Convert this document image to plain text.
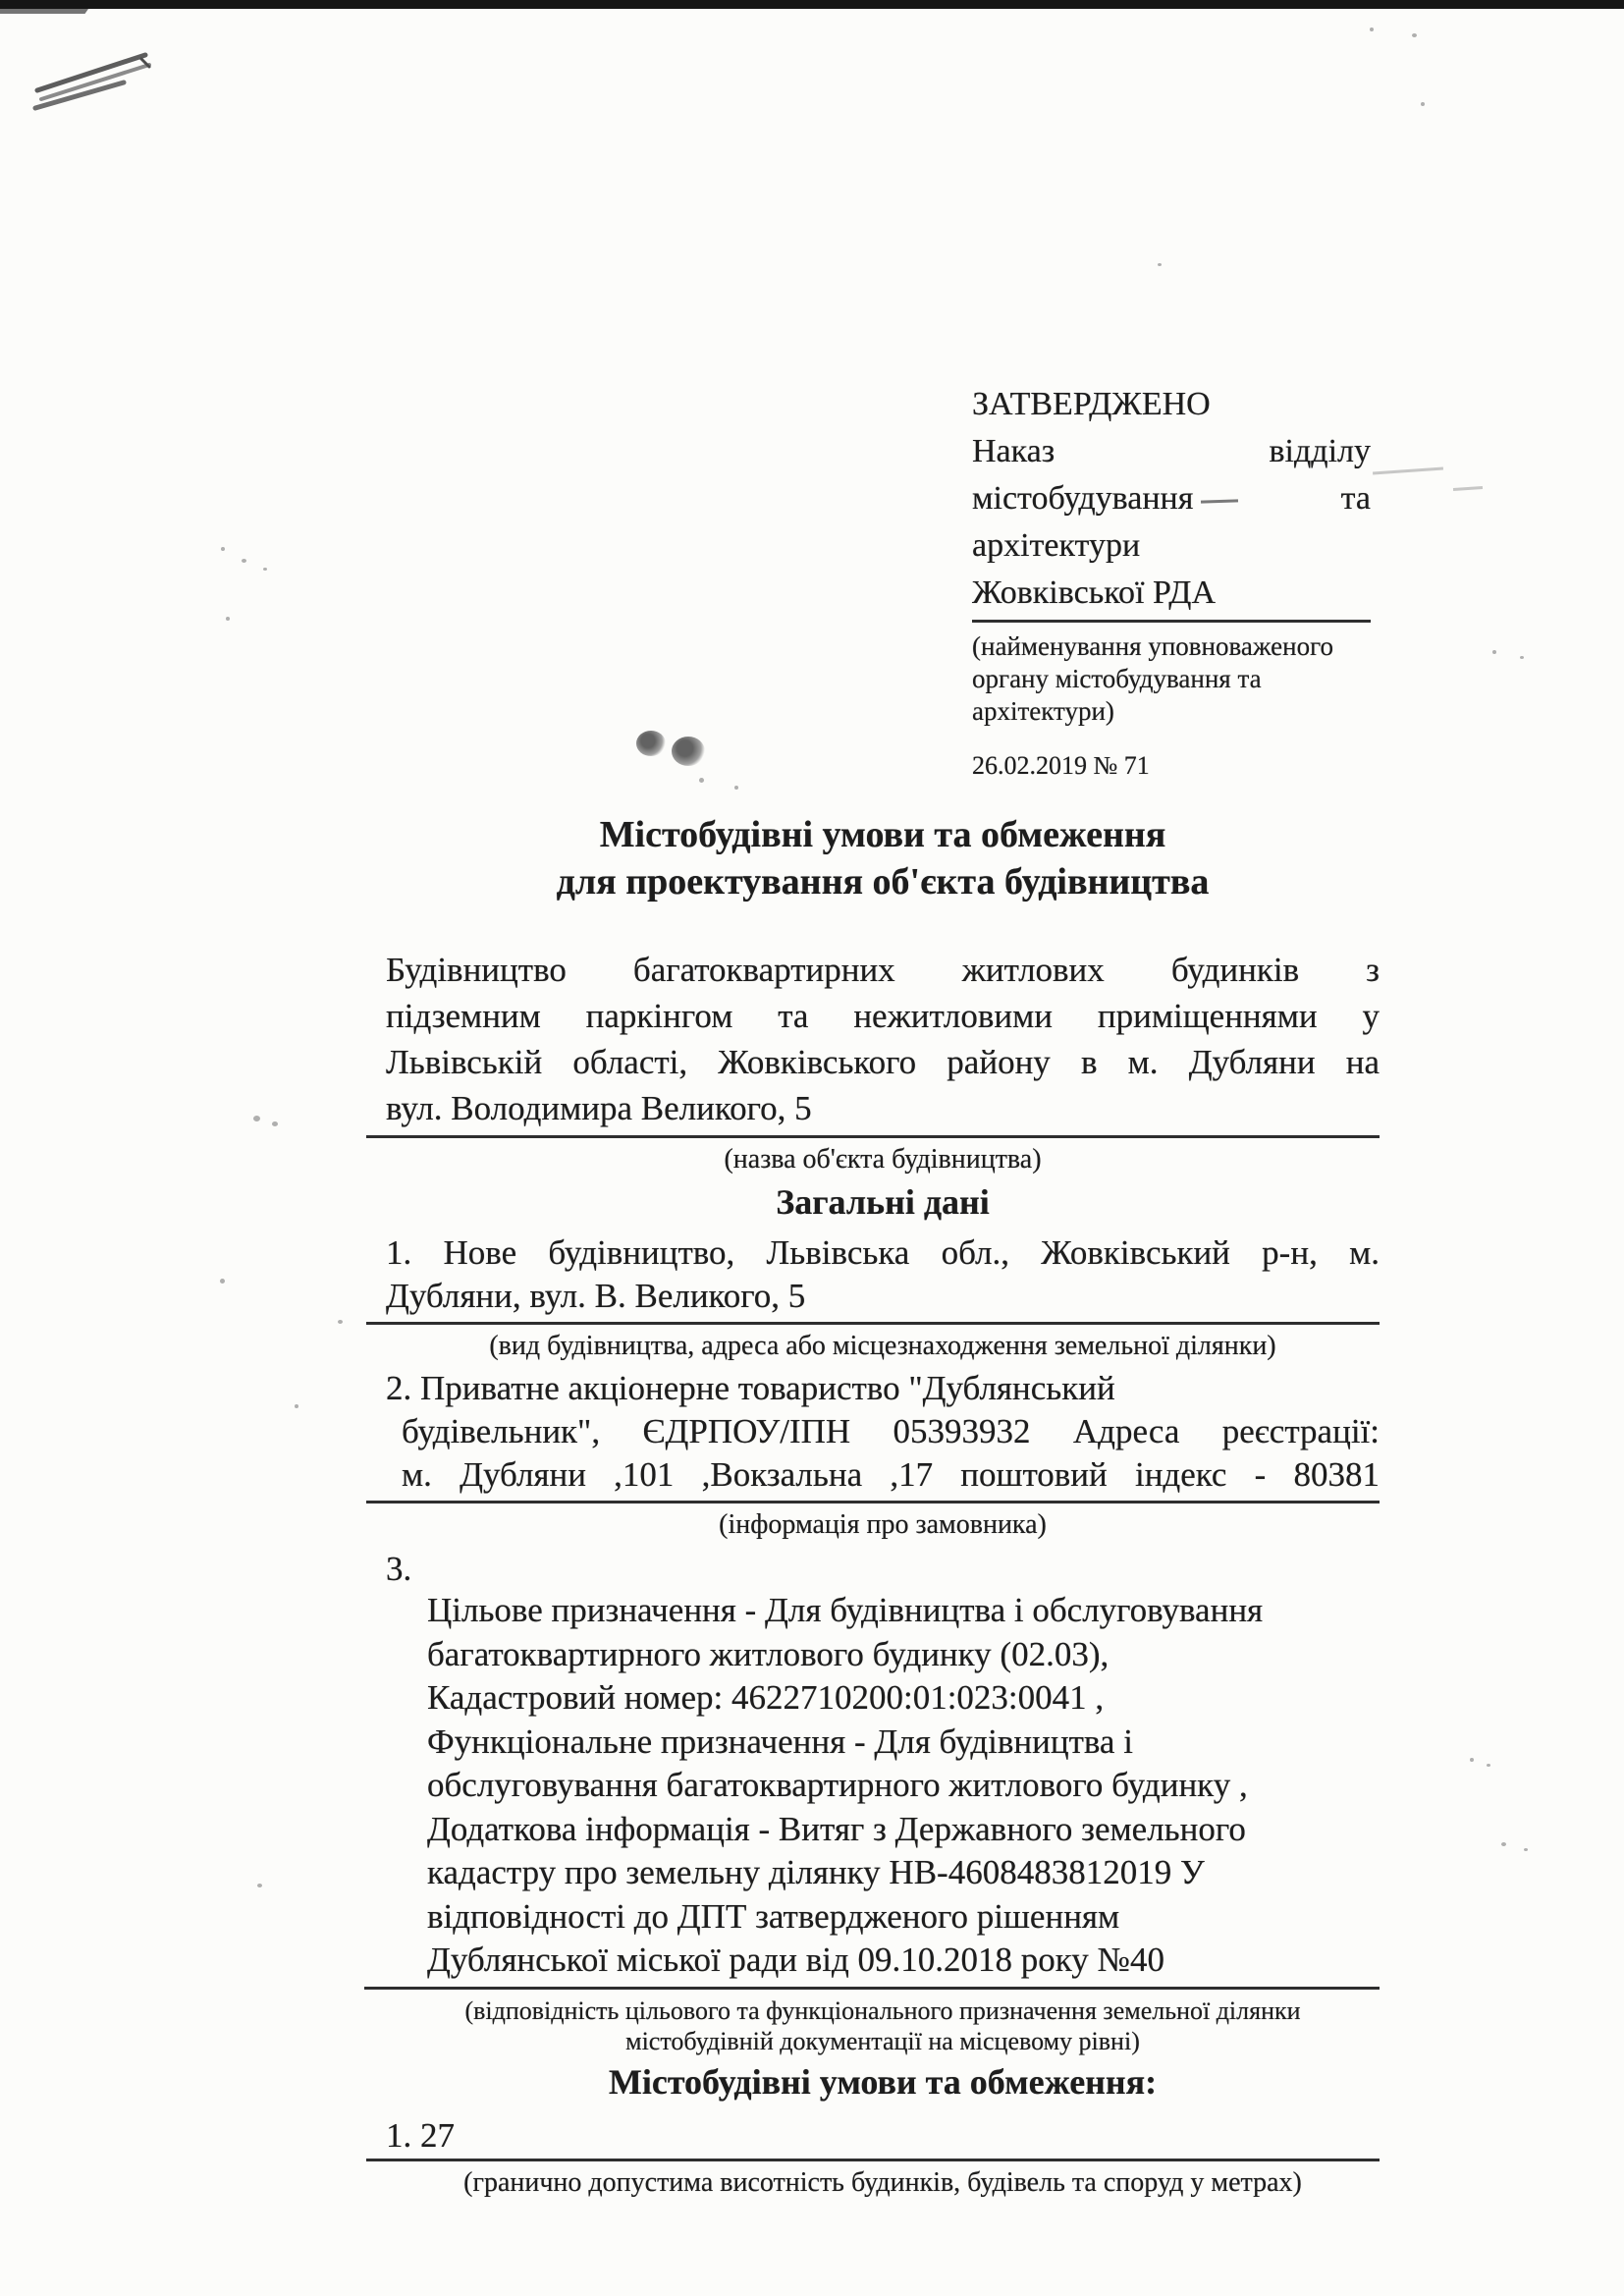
ЗАТВЕРДЖЕНО
Наказ	відділу
містобудування	та
архітектури
Жовківської РДА
(найменування уповноваженого
органу містобудування та
архітектури)
26.02.2019 № 71
Містобудівні умови та обмеження
для проектування об'єкта будівництва
Будівництво багатоквартирних житлових будинків з
підземним паркінгом та нежитловими приміщеннями у
Львівській області, Жовківського району в м. Дубляни на
вул. Володимира Великого, 5
(назва об'єкта будівництва)
Загальні дані
1. Нове будівництво, Львівська обл., Жовківський р-н, м.
Дубляни, вул. В. Великого, 5
(вид будівництва, адреса або місцезнаходження земельної ділянки)
2. Приватне акціонерне товариство "Дублянський
будівельник", ЄДРПОУ/ІПН 05393932 Адреса реєстрації:
м. Дубляни ,101 ,Вокзальна ,17 поштовий індекс - 80381
(інформація про замовника)
3.
Цільове призначення - Для будівництва і обслуговування
багатоквартирного житлового будинку (02.03),
Кадастровий номер: 4622710200:01:023:0041 ,
Функціональне призначення - Для будівництва і
обслуговування багатоквартирного житлового будинку ,
Додаткова інформація - Витяг з Державного земельного
кадастру про земельну ділянку НВ-4608483812019 У
відповідності до ДПТ затвердженого рішенням
Дублянської міської ради від 09.10.2018 року №40
(відповідність цільового та функціонального призначення земельної ділянки
містобудівній документації на місцевому рівні)
Містобудівні умови та обмеження:
1. 27
(гранично допустима висотність будинків, будівель та споруд у метрах)
